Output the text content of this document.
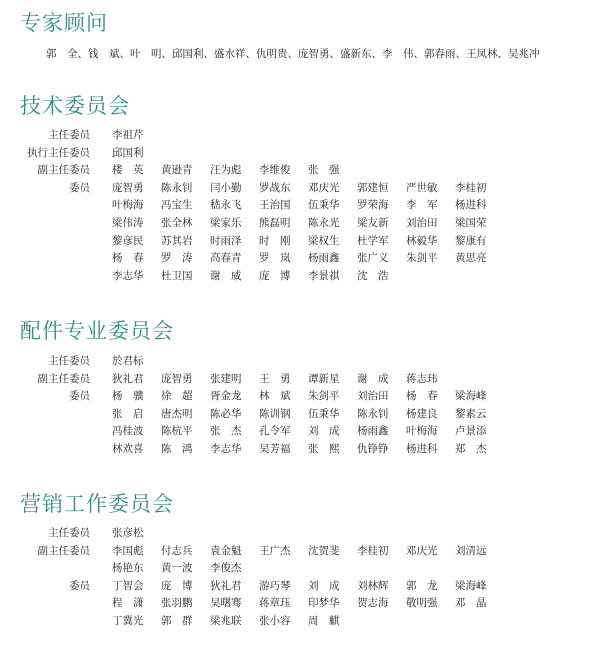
专家顾问
郭　全、钱　斌、叶　明、邱国利、盛水祥、仇明贵、庞智勇、盛新东、李　伟、郭春雨、王凤林、吴兆冲
技术委员会
主任委员 李祖芹
执行主任委员 邱国利
副主任委员 楼　英	黄逊青	汪为彪	李维俊	张　强
委员 庞智勇	陈永钊	闫小勤	罗战东	邓庆光	郭建恒	严世敏	李桂初
叶梅海	冯宝生	嵇永飞	王治国	伍秉华	罗荣海	李　军	杨进科
梁伟涛	张全林	梁家乐	熊磊明	陈永光	梁友新	刘治田	梁国荣
黎彦民	苏其岩	时雨泽	时　刚	梁权生	杜学军	林毅华	黎康有
杨　春	罗　涛	高春青	罗　岚	杨雨鑫	张广义	朱剑平	黄思亮
李志华	杜卫国	谢　威	庞　博	李景祺	沈　浩
配件专业委员会
主任委员 於君标
副主任委员 狄礼君	庞智勇	张建明	王　勇	谭新星	谢　成	蒋志玮
委员 杨　骥	徐　超	胥金龙	林　斌	朱剑平	刘治田	杨　春	梁海峰
张　启	唐杰明	陈必华	陈训钢	伍秉华	陈永钊	杨建良	黎素云
冯桂波	陈杭平	张　杰	孔令军	刘　成	杨雨鑫	叶梅海	卢景添
林欢喜	陈　鸿	李志华	吴芳福	张　熙	仇铮铮	杨进科	郑　杰
营销工作委员会
主任委员 张彦松
副主任委员 李国彪	付志兵	袁金魁	王广杰	沈贺斐	李桂初	邓庆光	刘清远
杨艳东	黄一波	李俊杰
委员 丁智会	庞　博	狄礼君	游巧琴	刘　成	刘林辉	郭　龙	梁海峰
程　潇	张羽鹏	吴曙骞	蒋章珏	印梦华	贺志海	敬明强	邓　晶
丁冀光	郭　群	梁兆联	张小容	周　麒
